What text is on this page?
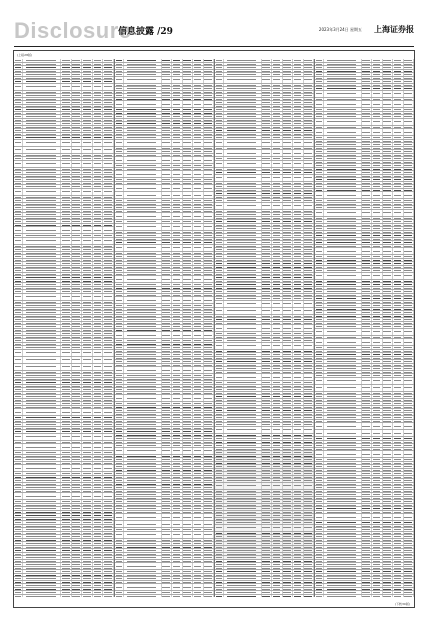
Disclosure
信息披露 /29	2023年3月24日 星期五 上海证券报
(上接28版)
(下转30版)
